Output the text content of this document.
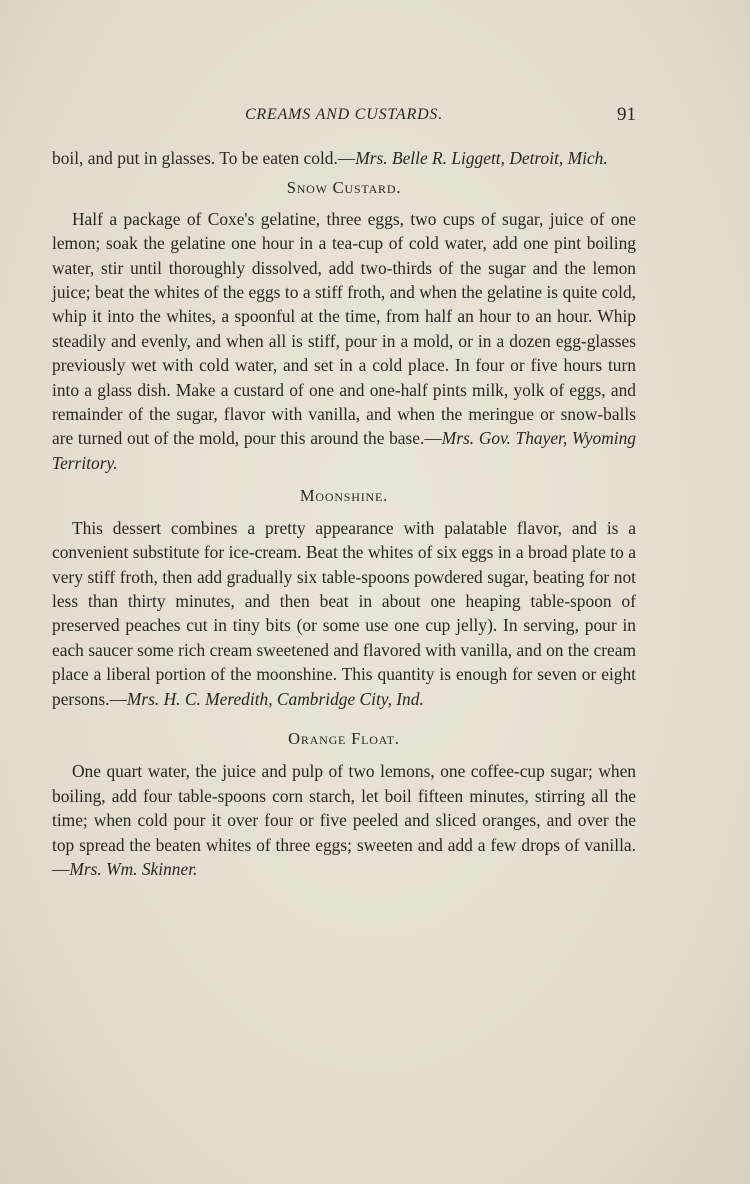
CREAMS AND CUSTARDS.	91

boil, and put in glasses. To be eaten cold.—Mrs. Belle R. Liggett, Detroit, Mich.

Snow Custard.

Half a package of Coxe's gelatine, three eggs, two cups of sugar, juice of one lemon; soak the gelatine one hour in a tea-cup of cold water, add one pint boiling water, stir until thoroughly dissolved, add two-thirds of the sugar and the lemon juice; beat the whites of the eggs to a stiff froth, and when the gelatine is quite cold, whip it into the whites, a spoonful at the time, from half an hour to an hour. Whip steadily and evenly, and when all is stiff, pour in a mold, or in a dozen egg-glasses previously wet with cold water, and set in a cold place. In four or five hours turn into a glass dish. Make a custard of one and one-half pints milk, yolk of eggs, and remainder of the sugar, flavor with vanilla, and when the meringue or snow-balls are turned out of the mold, pour this around the base.—Mrs. Gov. Thayer, Wyoming Territory.

Moonshine.

This dessert combines a pretty appearance with palatable flavor, and is a convenient substitute for ice-cream. Beat the whites of six eggs in a broad plate to a very stiff froth, then add gradually six table-spoons powdered sugar, beating for not less than thirty minutes, and then beat in about one heaping table-spoon of preserved peaches cut in tiny bits (or some use one cup jelly). In serving, pour in each saucer some rich cream sweetened and flavored with vanilla, and on the cream place a liberal portion of the moonshine. This quantity is enough for seven or eight persons.—Mrs. H. C. Meredith, Cambridge City, Ind.

Orange Float.

One quart water, the juice and pulp of two lemons, one coffee-cup sugar; when boiling, add four table-spoons corn starch, let boil fifteen minutes, stirring all the time; when cold pour it over four or five peeled and sliced oranges, and over the top spread the beaten whites of three eggs; sweeten and add a few drops of vanilla.—Mrs. Wm. Skinner.
